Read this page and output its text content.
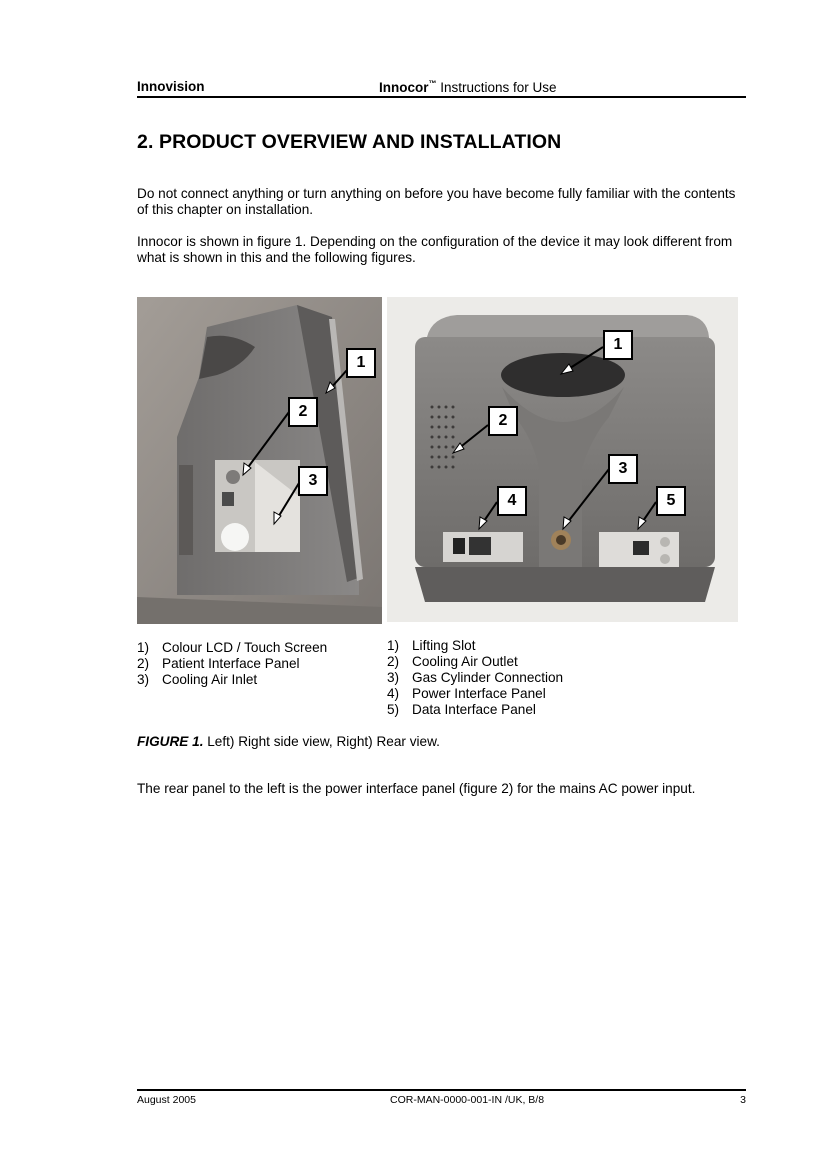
Innovision	Innocor™ Instructions for Use
2. PRODUCT OVERVIEW AND INSTALLATION
Do not connect anything or turn anything on before you have become fully familiar with the contents of this chapter on installation.
Innocor is shown in figure 1. Depending on the configuration of the device it may look different from what is shown in this and the following figures.
1
2
3
1
2
3
4	5
1) Colour LCD / Touch Screen
2) Patient Interface Panel
3) Cooling Air Inlet
1) Lifting Slot
2) Cooling Air Outlet
3) Gas Cylinder Connection
4) Power Interface Panel
5) Data Interface Panel
FIGURE 1. Left) Right side view, Right) Rear view.
The rear panel to the left is the power interface panel (figure 2) for the mains AC power input.
August 2005	COR-MAN-0000-001-IN /UK, B/8	3
